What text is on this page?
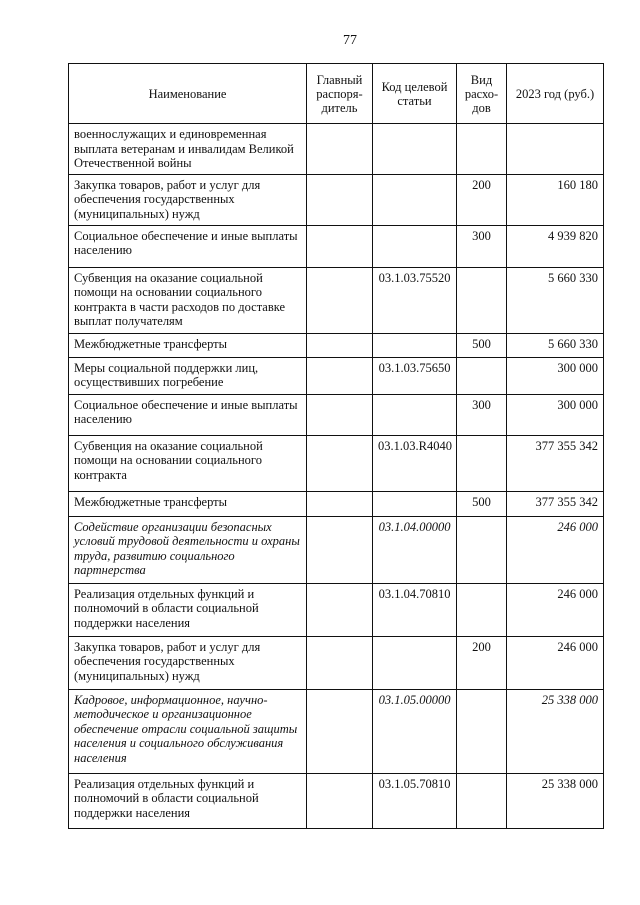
77
Наименование	Главный распоря-дитель	Код целевой статьи	Вид расхо-дов	2023 год (руб.)
военнослужащих и единовременная выплата ветеранам и инвалидам Великой Отечественной войны				
Закупка товаров, работ и услуг для обеспечения государственных (муниципальных) нужд			200	160 180
Социальное обеспечение и иные выплаты населению			300	4 939 820
Субвенция на оказание социальной помощи на основании социального контракта в части расходов по доставке выплат получателям		03.1.03.75520		5 660 330
Межбюджетные трансферты			500	5 660 330
Меры социальной поддержки лиц, осуществивших погребение		03.1.03.75650		300 000
Социальное обеспечение и иные выплаты населению			300	300 000
Субвенция на оказание социальной помощи на основании социального контракта		03.1.03.R4040		377 355 342
Межбюджетные трансферты			500	377 355 342
Содействие организации безопасных условий трудовой деятельности и охраны труда, развитию социального партнерства		03.1.04.00000		246 000
Реализация отдельных функций и полномочий в области социальной поддержки населения		03.1.04.70810		246 000
Закупка товаров, работ и услуг для обеспечения государственных (муниципальных) нужд			200	246 000
Кадровое, информационное, научно-методическое и организационное обеспечение отрасли социальной защиты населения и социального обслуживания населения		03.1.05.00000		25 338 000
Реализация отдельных функций и полномочий в области социальной поддержки населения		03.1.05.70810		25 338 000
